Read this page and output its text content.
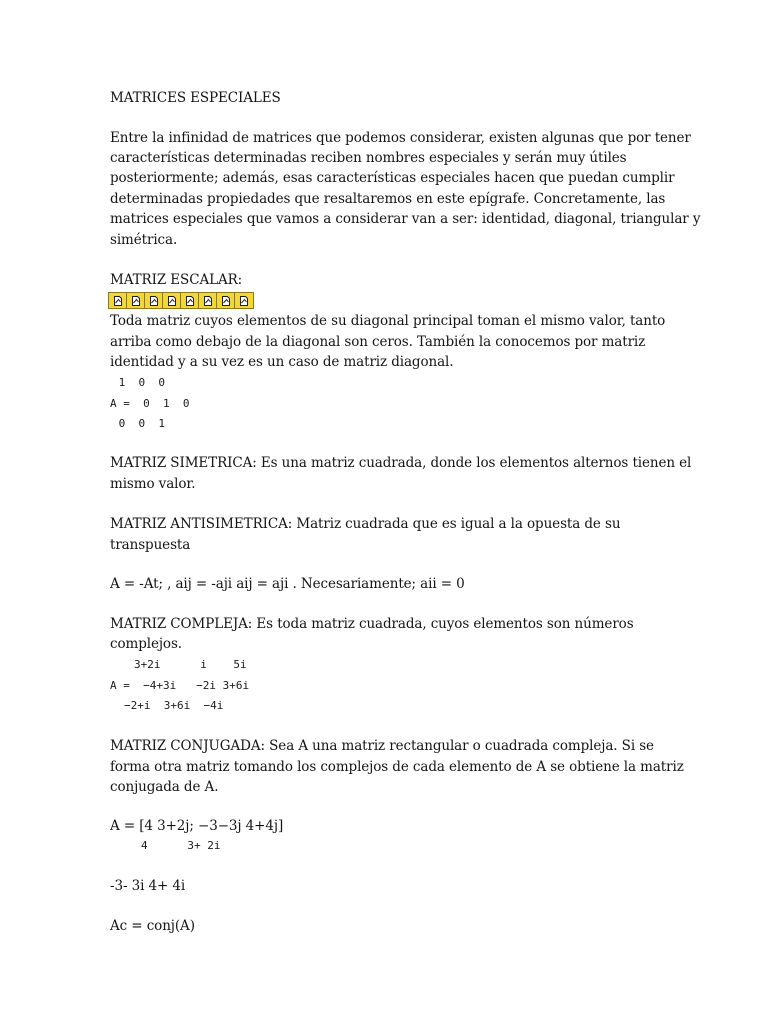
MATRICES ESPECIALES

Entre la infinidad de matrices que podemos considerar, existen algunas que por tener

características determinadas reciben nombres especiales y serán muy útiles

posteriormente; además, esas características especiales hacen que puedan cumplir

determinadas propiedades que resaltaremos en este epígrafe. Concretamente, las

matrices especiales que vamos a considerar van a ser: identidad, diagonal, triangular y

simétrica.

MATRIZ ESCALAR:

Toda matriz cuyos elementos de su diagonal principal toman el mismo valor, tanto

arriba como debajo de la diagonal son ceros. También la conocemos por matriz

identidad y a su vez es un caso de matriz diagonal.

1  0  0

A =  0  1  0

0  0  1

MATRIZ SIMETRICA: Es una matriz cuadrada, donde los elementos alternos tienen el

mismo valor.

MATRIZ ANTISIMETRICA: Matriz cuadrada que es igual a la opuesta de su

transpuesta

A = -At; , aij = -aji aij = aji . Necesariamente; aii = 0

MATRIZ COMPLEJA: Es toda matriz cuadrada, cuyos elementos son números

complejos.

3+2i      i    5i

A =  −4+3i   −2i 3+6i

−2+i  3+6i  −4i

MATRIZ CONJUGADA: Sea A una matriz rectangular o cuadrada compleja. Si se

forma otra matriz tomando los complejos de cada elemento de A se obtiene la matriz

conjugada de A.

A = [4 3+2j; −3−3j 4+4j]

4      3+ 2i

-3- 3i 4+ 4i

Ac = conj(A)
